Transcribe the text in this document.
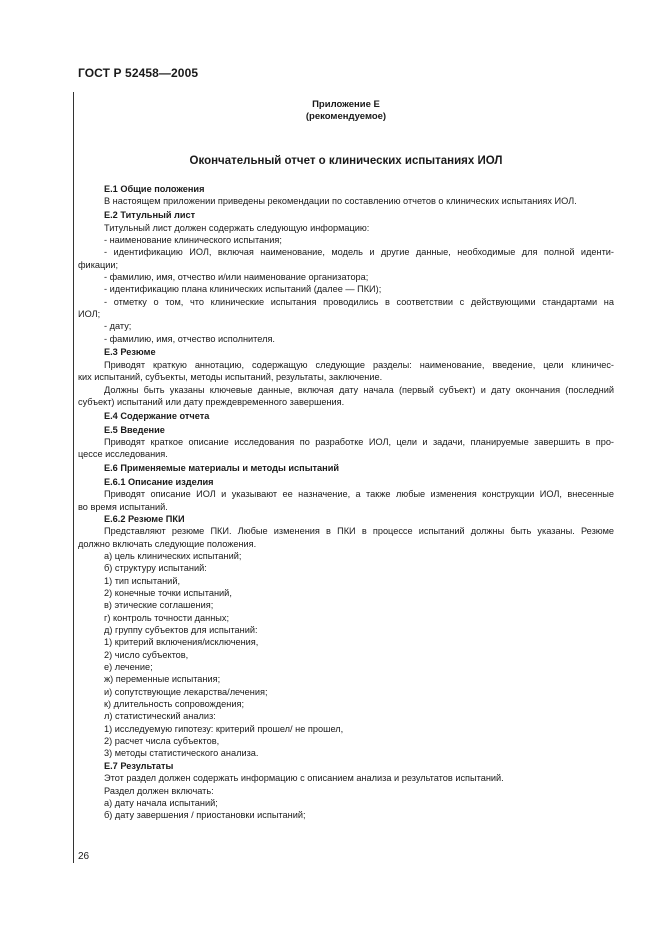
ГОСТ Р 52458—2005
Приложение Е
(рекомендуемое)
Окончательный отчет о клинических испытаниях ИОЛ
Е.1 Общие положения
В настоящем приложении приведены рекомендации по составлению отчетов о клинических испытаниях ИОЛ.
Е.2 Титульный лист
Титульный лист должен содержать следующую информацию:
- наименование клинического испытания;
- идентификацию ИОЛ, включая наименование, модель и другие данные, необходимые для полной иденти-
фикации;
- фамилию, имя, отчество и/или наименование организатора;
- идентификацию плана клинических испытаний (далее — ПКИ);
- отметку о том, что клинические испытания проводились в соответствии с действующими стандартами на
ИОЛ;
- дату;
- фамилию, имя, отчество исполнителя.
Е.3 Резюме
Приводят краткую аннотацию, содержащую следующие разделы: наименование, введение, цели клиничес-
ких испытаний, субъекты, методы испытаний, результаты, заключение.
Должны быть указаны ключевые данные, включая дату начала (первый субъект) и дату окончания (последний
субъект) испытаний или дату преждевременного завершения.
Е.4 Содержание отчета
Е.5 Введение
Приводят краткое описание исследования по разработке ИОЛ, цели и задачи, планируемые завершить в про-
цессе исследования.
Е.6 Применяемые материалы и методы испытаний
Е.6.1 Описание изделия
Приводят описание ИОЛ и указывают ее назначение, а также любые изменения конструкции ИОЛ, внесенные
во время испытаний.
Е.6.2 Резюме ПКИ
Представляют резюме ПКИ. Любые изменения в ПКИ в процессе испытаний должны быть указаны. Резюме
должно включать следующие положения.
а) цель клинических испытаний;
б) структуру испытаний:
1) тип испытаний,
2) конечные точки испытаний,
в) этические соглашения;
г) контроль точности данных;
д) группу субъектов для испытаний:
1) критерий включения/исключения,
2) число субъектов,
е) лечение;
ж) переменные испытания;
и) сопутствующие лекарства/лечения;
к) длительность сопровождения;
л) статистический анализ:
1) исследуемую гипотезу: критерий прошел/ не прошел,
2) расчет числа субъектов,
3) методы статистического анализа.
Е.7 Результаты
Этот раздел должен содержать информацию с описанием анализа и результатов испытаний.
Раздел должен включать:
а) дату начала испытаний;
б) дату завершения / приостановки испытаний;
26
